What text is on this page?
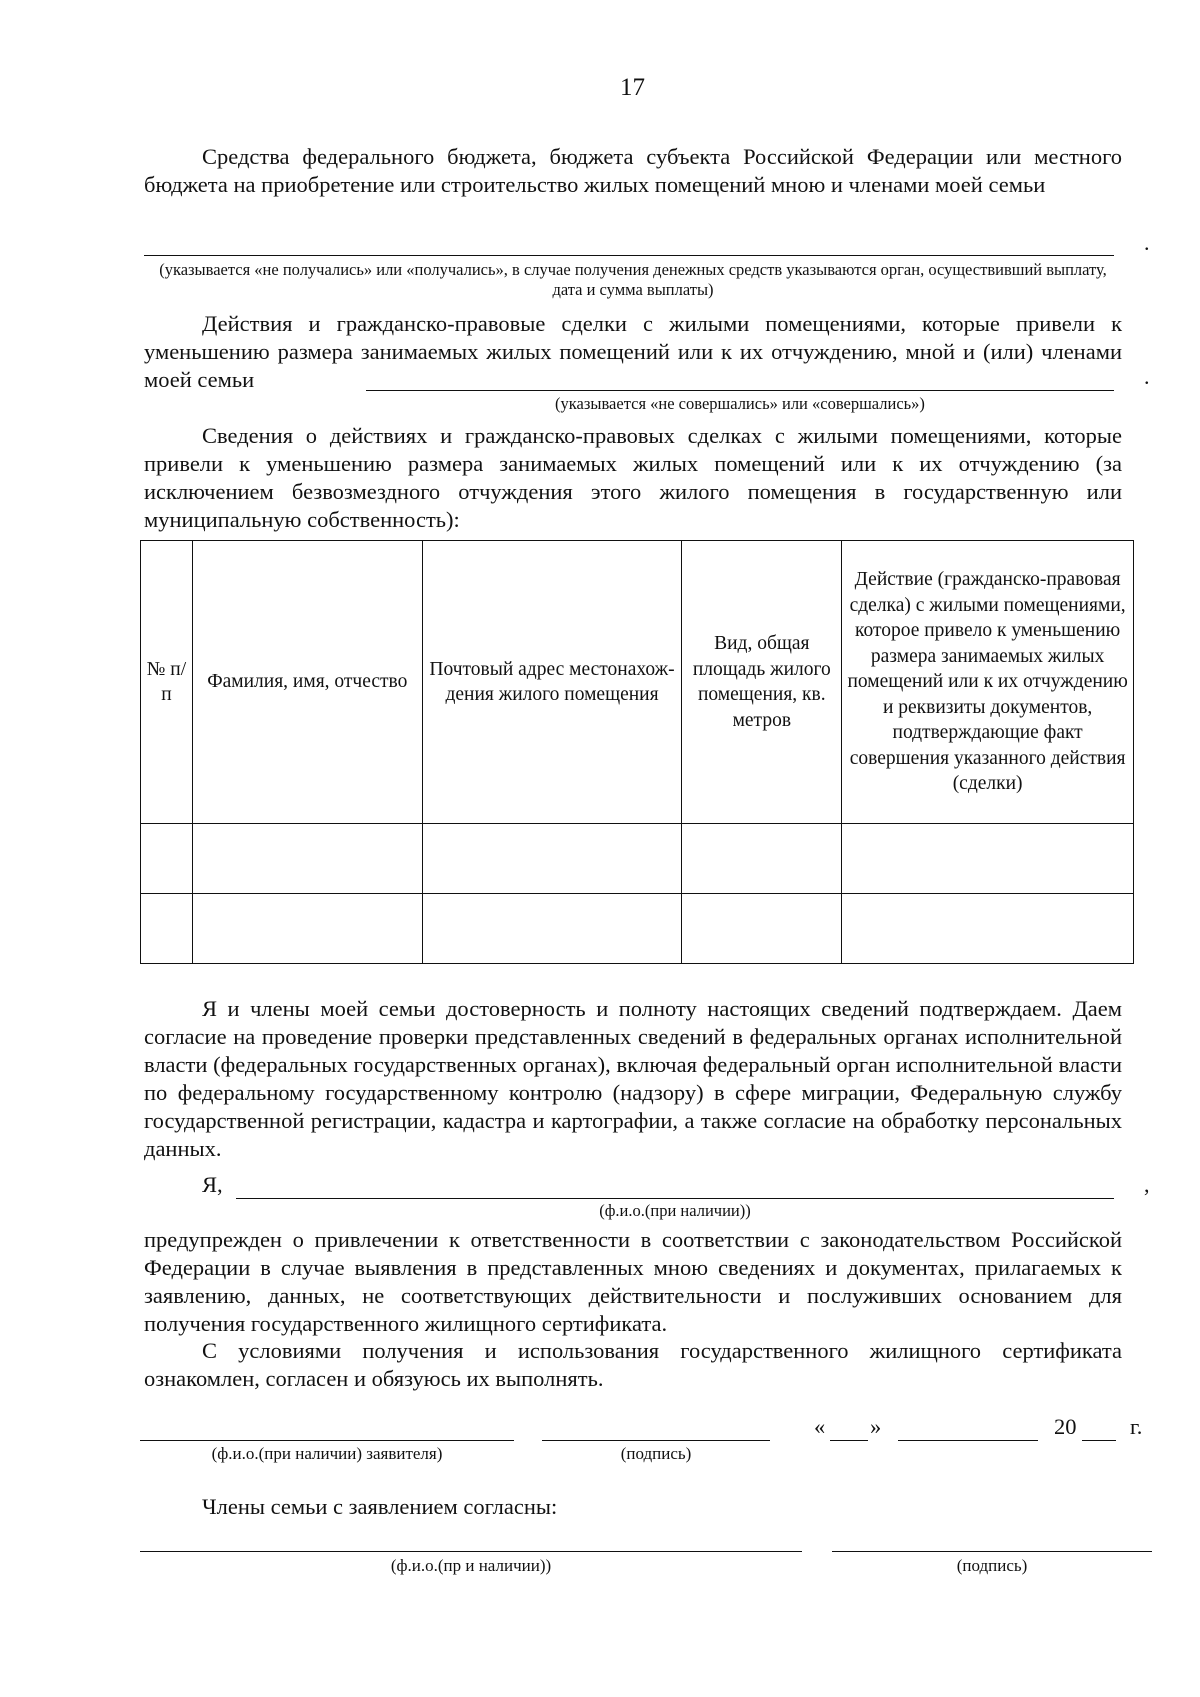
17

Средства федерального бюджета, бюджета субъекта Российской Федерации или местного бюджета на приобретение или строительство жилых помещений мною и членами моей семьи

.

(указывается «не получались» или «получались», в случае получения денежных средств указываются орган, осуществивший выплату, дата и сумма выплаты)

Действия и гражданско-правовые сделки с жилыми помещениями, которые привели к уменьшению размера занимаемых жилых помещений или к их отчуждению, мной и (или) членами моей семьи	.

(указывается «не совершались» или «совершались»)

Сведения о действиях и гражданско-правовых сделках с жилыми помещениями, которые привели к уменьшению размера занимаемых жилых помещений или к их отчуждению (за исключением безвозмездного отчуждения этого жилого помещения в государственную или муниципальную собственность):

№ п/п	Фамилия, имя, отчество	Почтовый адрес местонахож-дения жилого помещения	Вид, общая площадь жилого помещения, кв. метров	Действие (гражданско-правовая сделка) с жилыми помещениями, которое привело к уменьшению размера занимаемых жилых помещений или к их отчуждению и реквизиты документов, подтверждающие факт совершения указанного действия (сделки)

Я и члены моей семьи достоверность и полноту настоящих сведений подтверждаем. Даем согласие на проведение проверки представленных сведений в федеральных органах исполнительной власти (федеральных государственных органах), включая федеральный орган исполнительной власти по федеральному государственному контролю (надзору) в сфере миграции, Федеральную службу государственной регистрации, кадастра и картографии, а также согласие на обработку персональных данных.

Я,	,

(ф.и.о.(при наличии))

предупрежден о привлечении к ответственности в соответствии с законодательством Российской Федерации в случае выявления в представленных мною сведениях и документах, прилагаемых к заявлению, данных, не соответствующих действительности и послуживших основанием для получения государственного жилищного сертификата.

С условиями получения и использования государственного жилищного сертификата ознакомлен, согласен и обязуюсь их выполнять.

(ф.и.о.(при наличии) заявителя)	(подпись)

« »	20 г.
Члены семьи с заявлением согласны:

(ф.и.о.(пр и наличии))	(подпись)
